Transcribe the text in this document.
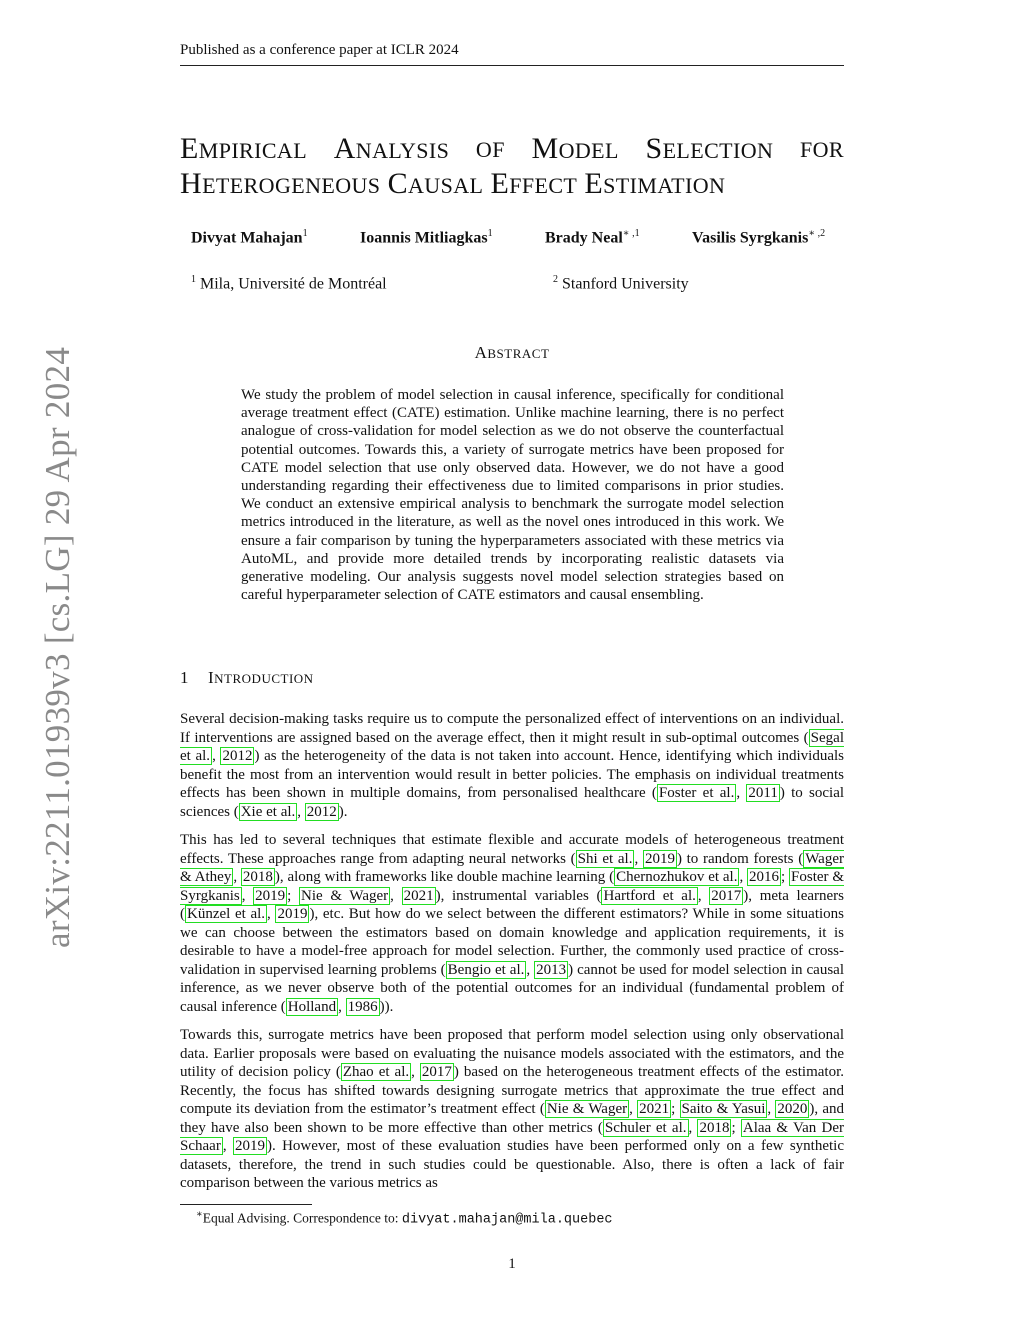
Published as a conference paper at ICLR 2024
arXiv:2211.01939v3 [cs.LG] 29 Apr 2024
EMPIRICAL ANALYSIS OF MODEL SELECTION FOR
HETEROGENEOUS CAUSAL EFFECT ESTIMATION
Divyat Mahajan$^1$	Ioannis Mitliagkas$^1$	Brady Neal$^{∗ ,1}$	Vasilis Syrgkanis$^{∗ ,2}$
$^1$ Mila, Université de Montréal	$^2$ Stanford University
ABSTRACT
We study the problem of model selection in causal inference, specifically for conditional average treatment effect (CATE) estimation. Unlike machine learning, there is no perfect analogue of cross-validation for model selection as we do not observe the counterfactual potential outcomes. Towards this, a variety of surrogate metrics have been proposed for CATE model selection that use only observed data. However, we do not have a good understanding regarding their effectiveness due to limited comparisons in prior studies. We conduct an extensive empirical analysis to benchmark the surrogate model selection metrics introduced in the literature, as well as the novel ones introduced in this work. We ensure a fair comparison by tuning the hyperparameters associated with these metrics via AutoML, and provide more detailed trends by incorporating realistic datasets via generative modeling. Our analysis suggests novel model selection strategies based on careful hyperparameter selection of CATE estimators and causal ensembling.
1 INTRODUCTION

Several decision-making tasks require us to compute the personalized effect of interventions on an individual. If interventions are assigned based on the average effect, then it might result in sub-optimal outcomes ( Segal et al. , 2012 ) as the heterogeneity of the data is not taken into account. Hence, identifying which individuals benefit the most from an intervention would result in better policies. The emphasis on individual treatments effects has been shown in multiple domains, from personalised healthcare ( Foster et al. , 2011 ) to social sciences ( Xie et al. , 2012 ).

This has led to several techniques that estimate flexible and accurate models of heterogeneous treatment effects. These approaches range from adapting neural networks ( Shi et al. , 2019 ) to random forests ( Wager & Athey , 2018 ), along with frameworks like double machine learning ( Chernozhukov et al. , 2016 ; Foster & Syrgkanis , 2019 ; Nie & Wager , 2021 ), instrumental variables ( Hartford et al. , 2017 ), meta learners ( Künzel et al. , 2019 ), etc. But how do we select between the different estimators? While in some situations we can choose between the estimators based on domain knowledge and application requirements, it is desirable to have a model-free approach for model selection. Further, the commonly used practice of cross-validation in supervised learning problems ( Bengio et al. , 2013 ) cannot be used for model selection in causal inference, as we never observe both of the potential outcomes for an individual (fundamental problem of causal inference ( Holland , 1986 )).

Towards this, surrogate metrics have been proposed that perform model selection using only observational data. Earlier proposals were based on evaluating the nuisance models associated with the estimators, and the utility of decision policy ( Zhao et al. , 2017 ) based on the heterogeneous treatment effects of the estimator. Recently, the focus has shifted towards designing surrogate metrics that approximate the true effect and compute its deviation from the estimator’s treatment effect ( Nie & Wager , 2021 ; Saito & Yasui , 2020 ), and they have also been shown to be more effective than other metrics ( Schuler et al. , 2018 ; Alaa & Van Der Schaar , 2019 ). However, most of these evaluation studies have been performed only on a few synthetic datasets, therefore, the trend in such studies could be questionable. Also, there is often a lack of fair comparison between the various metrics as

∗Equal Advising. Correspondence to: divyat.mahajan@mila.quebec
1
